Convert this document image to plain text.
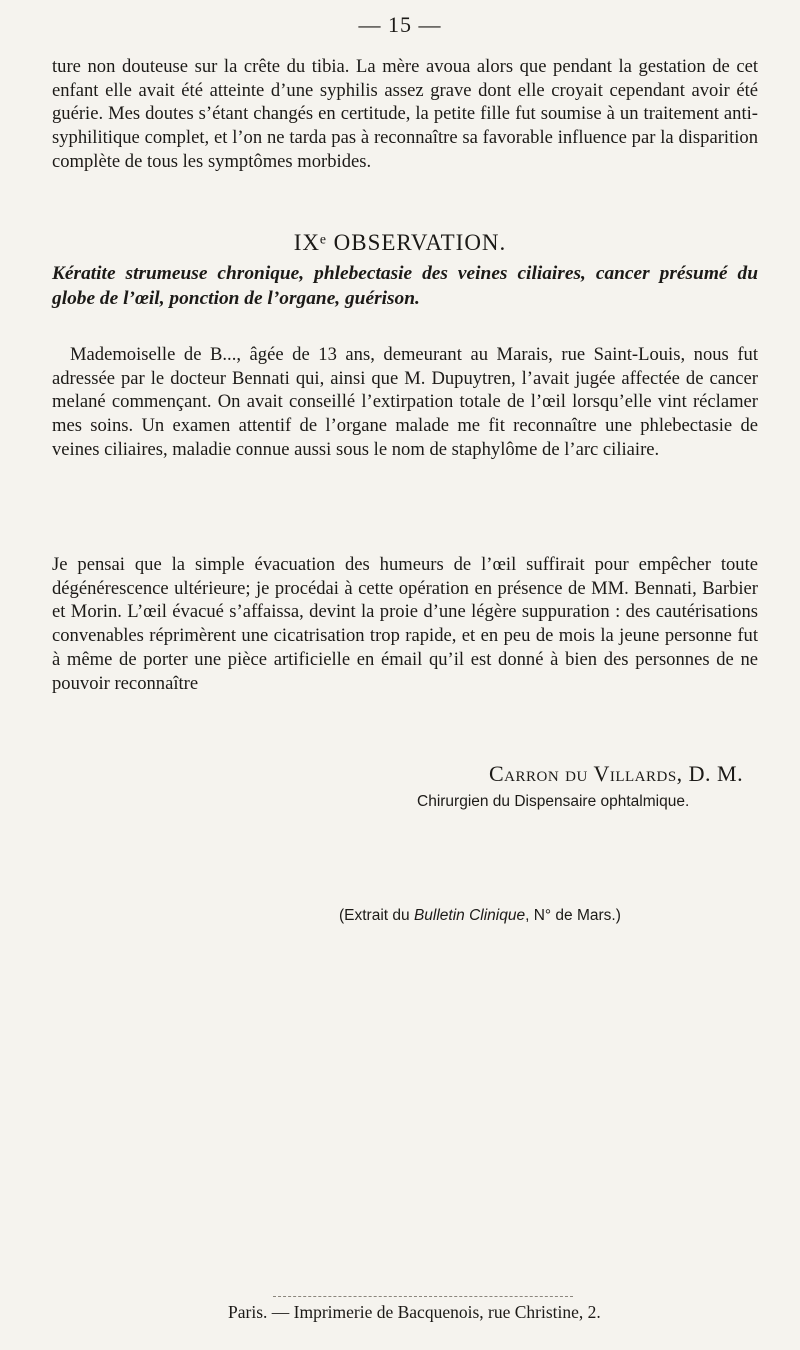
— 15 —

ture non douteuse sur la crête du tibia. La mère avoua alors que pendant la gestation de cet enfant elle avait été atteinte d’une syphilis assez grave dont elle croyait cependant avoir été guérie. Mes doutes s’étant changés en certitude, la petite fille fut soumise à un traitement anti-syphilitique complet, et l’on ne tarda pas à reconnaître sa favorable influence par la disparition complète de tous les symptômes morbides.

IXᵉ OBSERVATION.

Kératite strumeuse chronique, phlebectasie des veines ciliaires, cancer présumé du globe de l’œil, ponction de l’organe, guérison.

Mademoiselle de B..., âgée de 13 ans, demeurant au Marais, rue Saint-Louis, nous fut adressée par le docteur Bennati qui, ainsi que M. Dupuytren, l’avait jugée affectée de cancer melané commençant. On avait conseillé l’extirpation totale de l’œil lorsqu’elle vint réclamer mes soins. Un examen attentif de l’organe malade me fit reconnaître une phlebectasie de veines ciliaires, maladie connue aussi sous le nom de staphylôme de l’arc ciliaire.

Je pensai que la simple évacuation des humeurs de l’œil suffirait pour empêcher toute dégénérescence ultérieure; je procédai à cette opération en présence de MM. Bennati, Barbier et Morin. L’œil évacué s’affaissa, devint la proie d’une légère suppuration : des cautérisations convenables réprimèrent une cicatrisation trop rapide, et en peu de mois la jeune personne fut à même de porter une pièce artificielle en émail qu’il est donné à bien des personnes de ne pouvoir reconnaître

Carron du Villards, D. M.
Chirurgien du Dispensaire ophtalmique.
(Extrait du Bulletin Clinique, N° de Mars.)
Paris. — Imprimerie de Bacquenois, rue Christine, 2.
